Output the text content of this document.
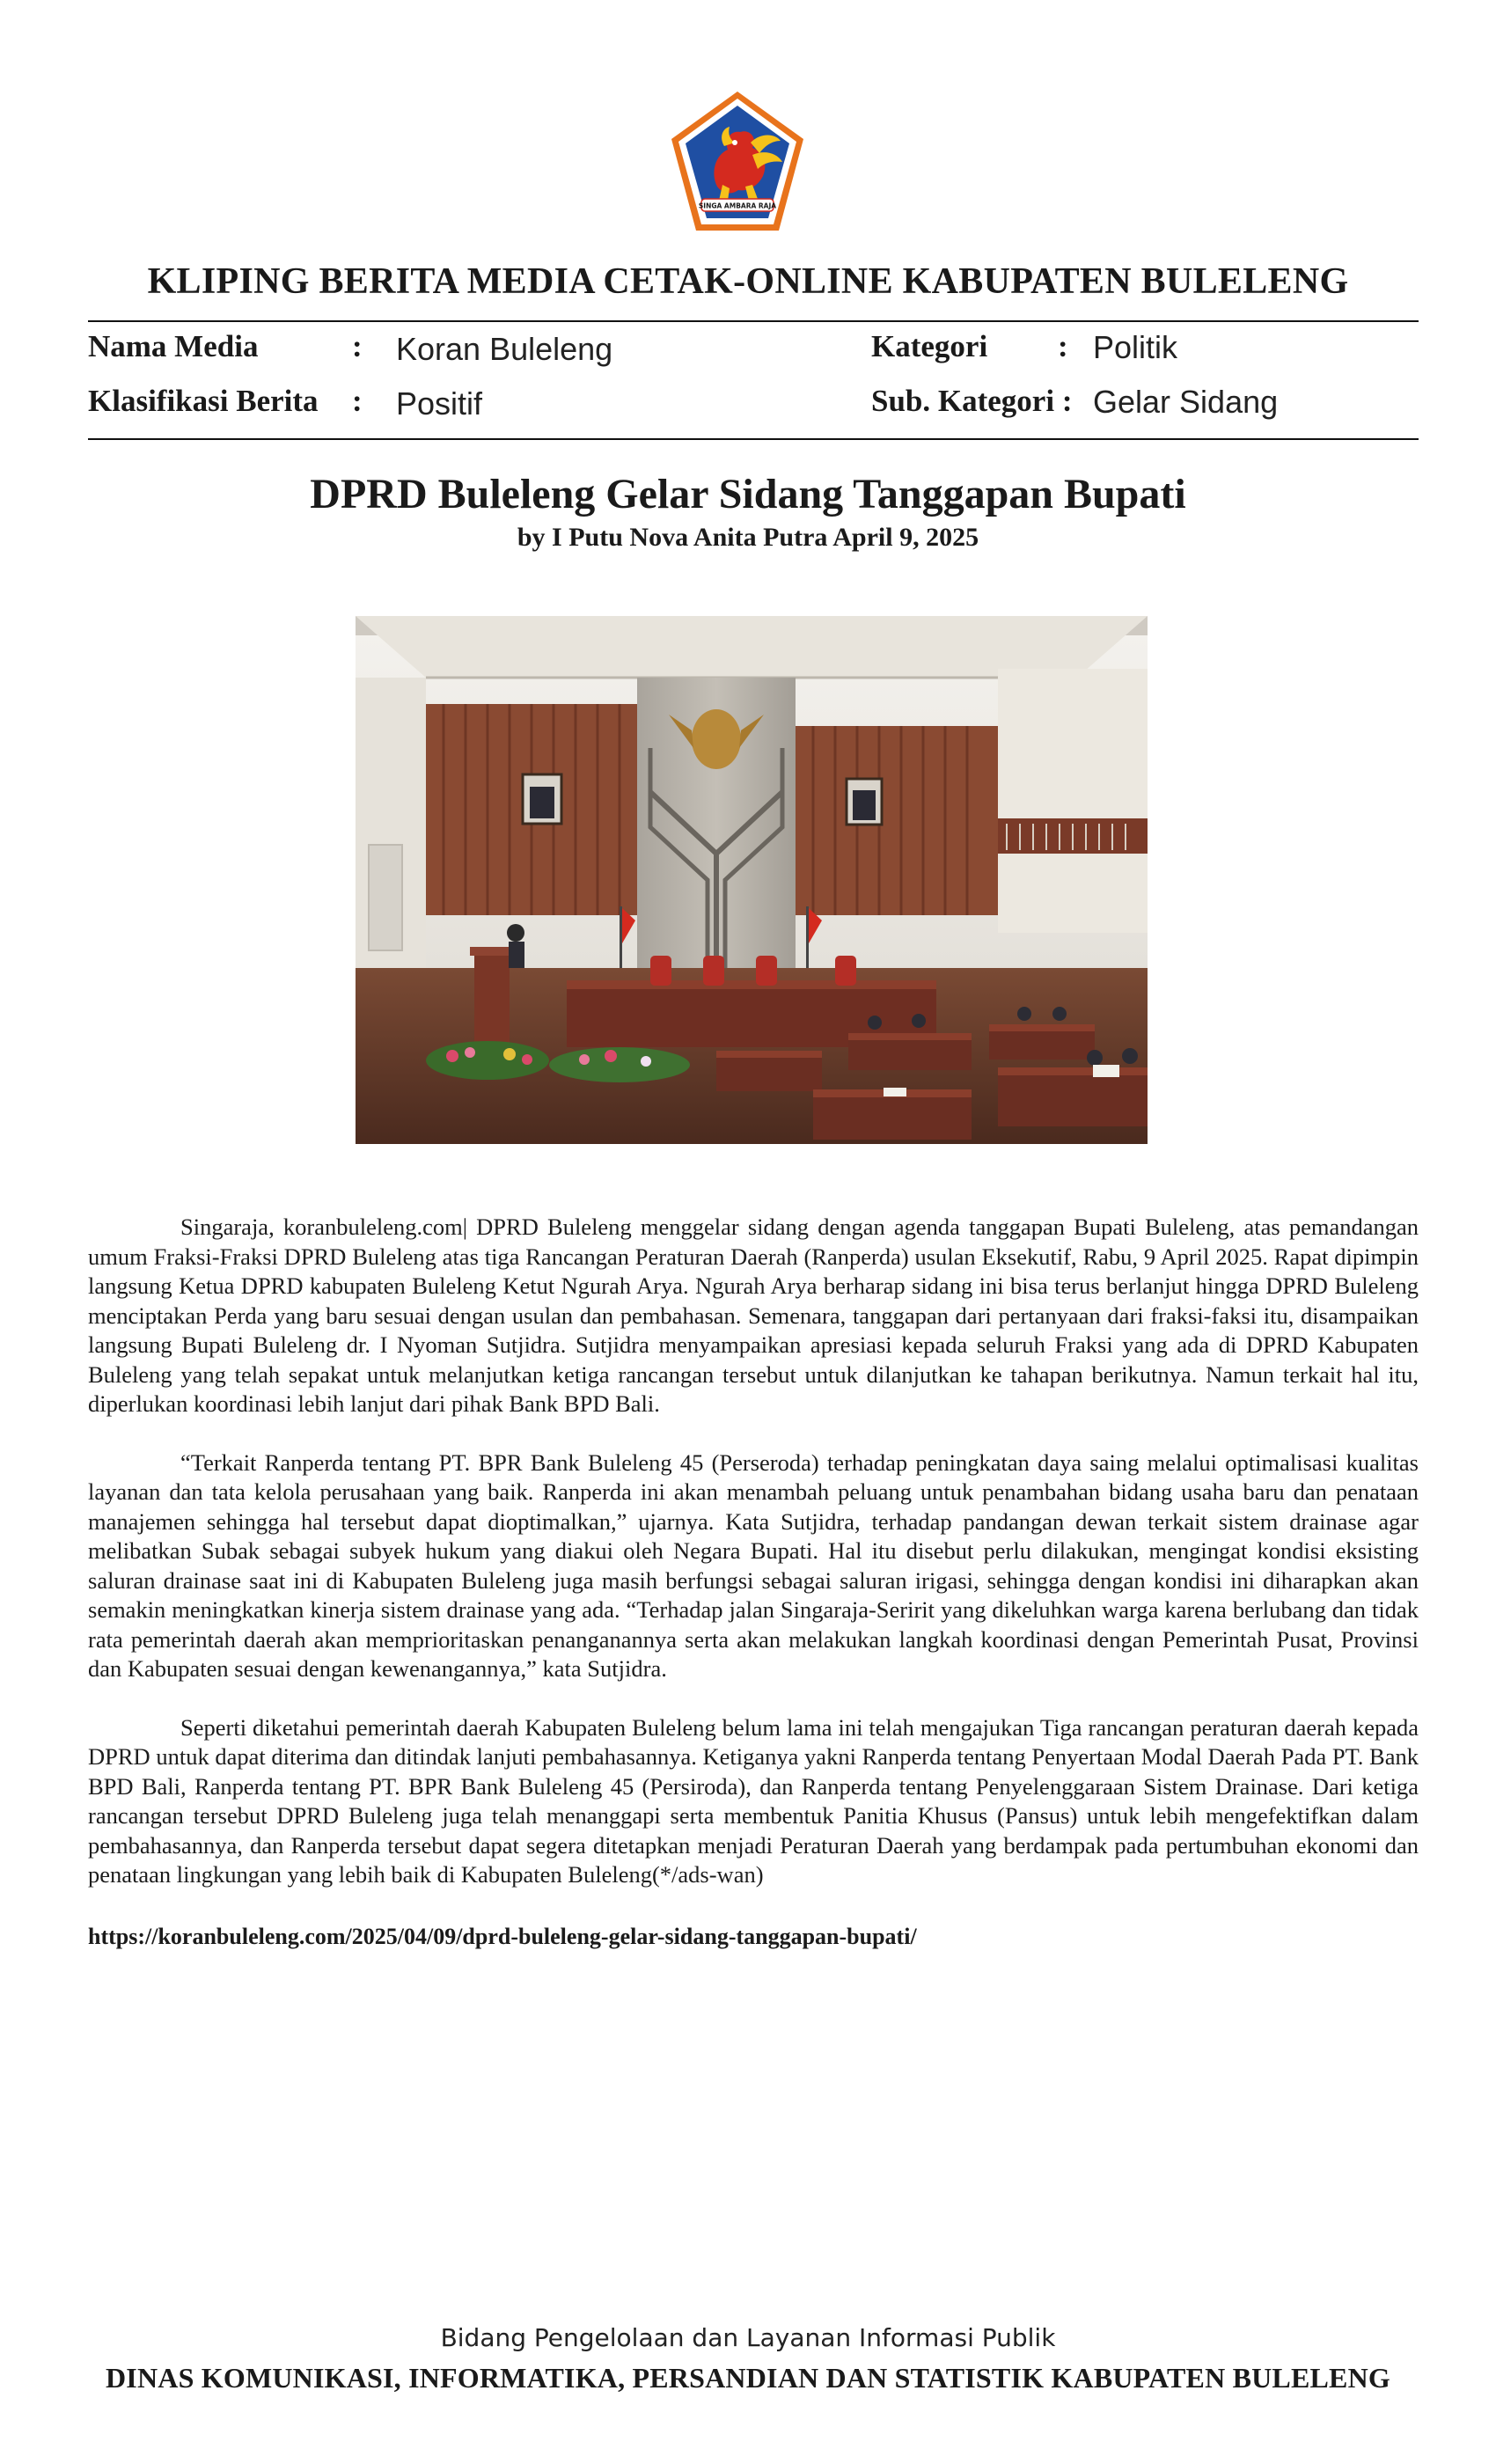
SINGA AMBARA RAJA
KLIPING BERITA MEDIA CETAK-ONLINE KABUPATEN BULELENG
Nama Media	: Koran Buleleng	Kategori : Politik
Klasifikasi Berita : Positif	Sub. Kategori : Gelar Sidang
DPRD Buleleng Gelar Sidang Tanggapan Bupati
by I Putu Nova Anita Putra April 9, 2025

Singaraja, koranbuleleng.com| DPRD Buleleng menggelar sidang dengan agenda tanggapan Bupati Buleleng, atas pemandangan umum Fraksi-Fraksi DPRD Buleleng atas tiga Rancangan Peraturan Daerah (Ranperda) usulan Eksekutif, Rabu, 9 April 2025. Rapat dipimpin langsung Ketua DPRD kabupaten Buleleng Ketut Ngurah Arya. Ngurah Arya berharap sidang ini bisa terus berlanjut hingga DPRD Buleleng menciptakan Perda yang baru sesuai dengan usulan dan pembahasan. Semenara, tanggapan dari pertanyaan dari fraksi-faksi itu, disampaikan langsung Bupati Buleleng dr. I Nyoman Sutjidra. Sutjidra menyampaikan apresiasi kepada seluruh Fraksi yang ada di DPRD Kabupaten Buleleng yang telah sepakat untuk melanjutkan ketiga rancangan tersebut untuk dilanjutkan ke tahapan berikutnya. Namun terkait hal itu, diperlukan koordinasi lebih lanjut dari pihak Bank BPD Bali.

“Terkait Ranperda tentang PT. BPR Bank Buleleng 45 (Perseroda) terhadap peningkatan daya saing melalui optimalisasi kualitas layanan dan tata kelola perusahaan yang baik. Ranperda ini akan menambah peluang untuk penambahan bidang usaha baru dan penataan manajemen sehingga hal tersebut dapat dioptimalkan,” ujarnya. Kata Sutjidra, terhadap pandangan dewan terkait sistem drainase agar melibatkan Subak sebagai subyek hukum yang diakui oleh Negara Bupati. Hal itu disebut perlu dilakukan, mengingat kondisi eksisting saluran drainase saat ini di Kabupaten Buleleng juga masih berfungsi sebagai saluran irigasi, sehingga dengan kondisi ini diharapkan akan semakin meningkatkan kinerja sistem drainase yang ada. “Terhadap jalan Singaraja-Seririt yang dikeluhkan warga karena berlubang dan tidak rata pemerintah daerah akan memprioritaskan penanganannya serta akan melakukan langkah koordinasi dengan Pemerintah Pusat, Provinsi dan Kabupaten sesuai dengan kewenangannya,” kata Sutjidra.

Seperti diketahui pemerintah daerah Kabupaten Buleleng belum lama ini telah mengajukan Tiga rancangan peraturan daerah kepada DPRD untuk dapat diterima dan ditindak lanjuti pembahasannya. Ketiganya yakni Ranperda tentang Penyertaan Modal Daerah Pada PT. Bank BPD Bali, Ranperda tentang PT. BPR Bank Buleleng 45 (Persiroda), dan Ranperda tentang Penyelenggaraan Sistem Drainase. Dari ketiga rancangan tersebut DPRD Buleleng juga telah menanggapi serta membentuk Panitia Khusus (Pansus) untuk lebih mengefektifkan dalam pembahasannya, dan Ranperda tersebut dapat segera ditetapkan menjadi Peraturan Daerah yang berdampak pada pertumbuhan ekonomi dan penataan lingkungan yang lebih baik di Kabupaten Buleleng(*/ads-wan)

https://koranbuleleng.com/2025/04/09/dprd-buleleng-gelar-sidang-tanggapan-bupati/
Bidang Pengelolaan dan Layanan Informasi Publik
DINAS KOMUNIKASI, INFORMATIKA, PERSANDIAN DAN STATISTIK KABUPATEN BULELENG
